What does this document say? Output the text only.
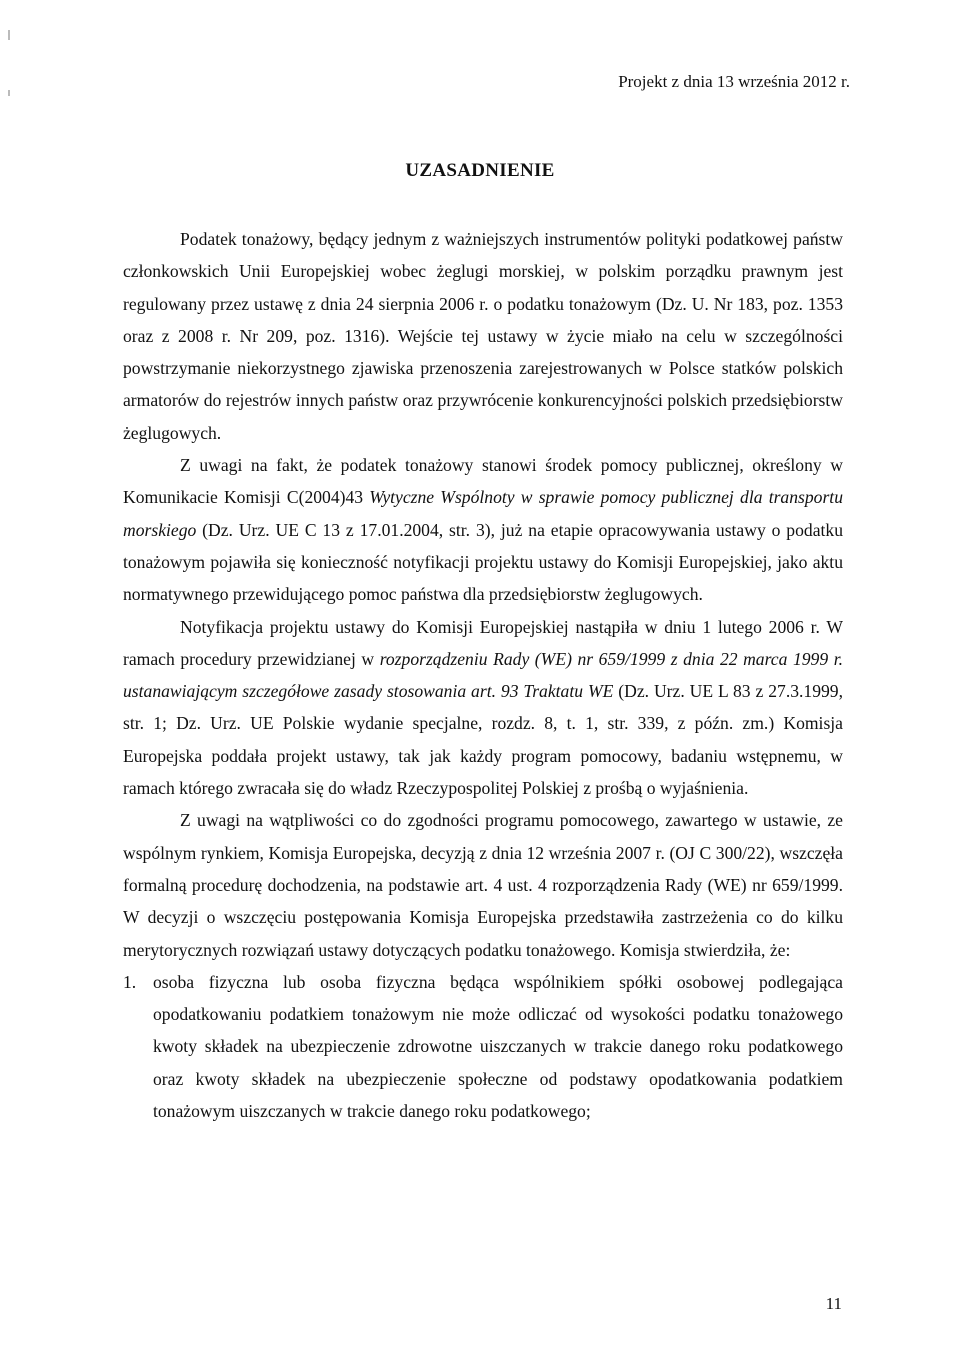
Projekt z dnia 13 września 2012 r.
UZASADNIENIE

Podatek tonażowy, będący jednym z ważniejszych instrumentów polityki podatkowej państw członkowskich Unii Europejskiej wobec żeglugi morskiej, w polskim porządku prawnym jest regulowany przez ustawę z dnia 24 sierpnia 2006 r. o podatku tonażowym (Dz. U. Nr 183, poz. 1353 oraz z 2008 r. Nr 209, poz. 1316). Wejście tej ustawy w życie miało na celu w szczególności powstrzymanie niekorzystnego zjawiska przenoszenia zarejestrowanych w Polsce statków polskich armatorów do rejestrów innych państw oraz przywrócenie konkurencyjności polskich przedsiębiorstw żeglugowych.

Z uwagi na fakt, że podatek tonażowy stanowi środek pomocy publicznej, określony w Komunikacie Komisji C(2004)43 Wytyczne Wspólnoty w sprawie pomocy publicznej dla transportu morskiego (Dz. Urz. UE C 13 z 17.01.2004, str. 3), już na etapie opracowywania ustawy o podatku tonażowym pojawiła się konieczność notyfikacji projektu ustawy do Komisji Europejskiej, jako aktu normatywnego przewidującego pomoc państwa dla przedsiębiorstw żeglugowych.

Notyfikacja projektu ustawy do Komisji Europejskiej nastąpiła w dniu 1 lutego 2006 r. W ramach procedury przewidzianej w rozporządzeniu Rady (WE) nr 659/1999 z dnia 22 marca 1999 r. ustanawiającym szczegółowe zasady stosowania art. 93 Traktatu WE (Dz. Urz. UE L 83 z 27.3.1999, str. 1; Dz. Urz. UE Polskie wydanie specjalne, rozdz. 8, t. 1, str. 339, z późn. zm.) Komisja Europejska poddała projekt ustawy, tak jak każdy program pomocowy, badaniu wstępnemu, w ramach którego zwracała się do władz Rzeczypospolitej Polskiej z prośbą o wyjaśnienia.

Z uwagi na wątpliwości co do zgodności programu pomocowego, zawartego w ustawie, ze wspólnym rynkiem, Komisja Europejska, decyzją z dnia 12 września 2007 r. (OJ C 300/22), wszczęła formalną procedurę dochodzenia, na podstawie art. 4 ust. 4 rozporządzenia Rady (WE) nr 659/1999. W decyzji o wszczęciu postępowania Komisja Europejska przedstawiła zastrzeżenia co do kilku merytorycznych rozwiązań ustawy dotyczących podatku tonażowego. Komisja stwierdziła, że:

1. osoba fizyczna lub osoba fizyczna będąca wspólnikiem spółki osobowej podlegająca opodatkowaniu podatkiem tonażowym nie może odliczać od wysokości podatku tonażowego kwoty składek na ubezpieczenie zdrowotne uiszczanych w trakcie danego roku podatkowego oraz kwoty składek na ubezpieczenie społeczne od podstawy opodatkowania podatkiem tonażowym uiszczanych w trakcie danego roku podatkowego;
11
